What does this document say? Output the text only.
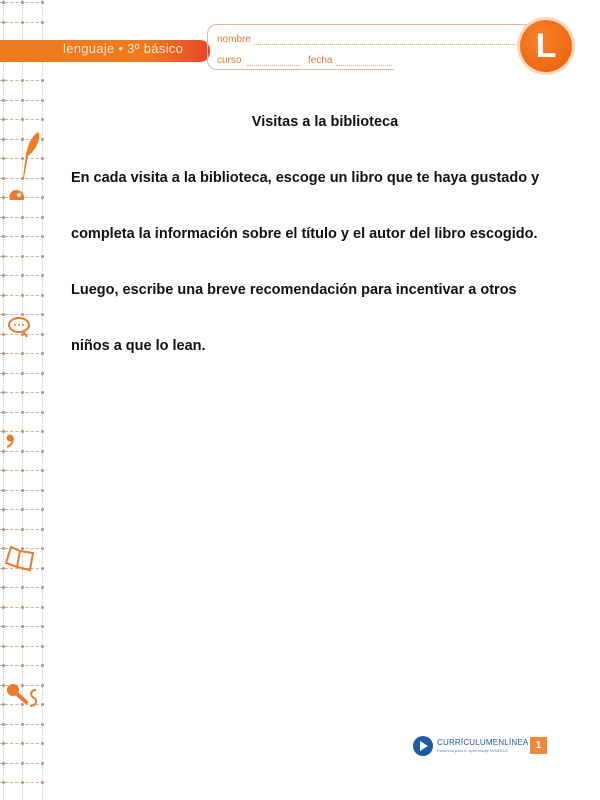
lenguaje • 3º básico
nombre
curso	fecha	L
Visitas a la biblioteca
En cada visita a la biblioteca, escoge un libro que te haya gustado y
completa la información sobre el título y el autor del libro escogido.
Luego, escribe una breve recomendación para incentivar a otros
niños a que lo lean.
CURRÍCULUMENLÍNEA
Recursos para el aprendizaje MINEDUC	1
